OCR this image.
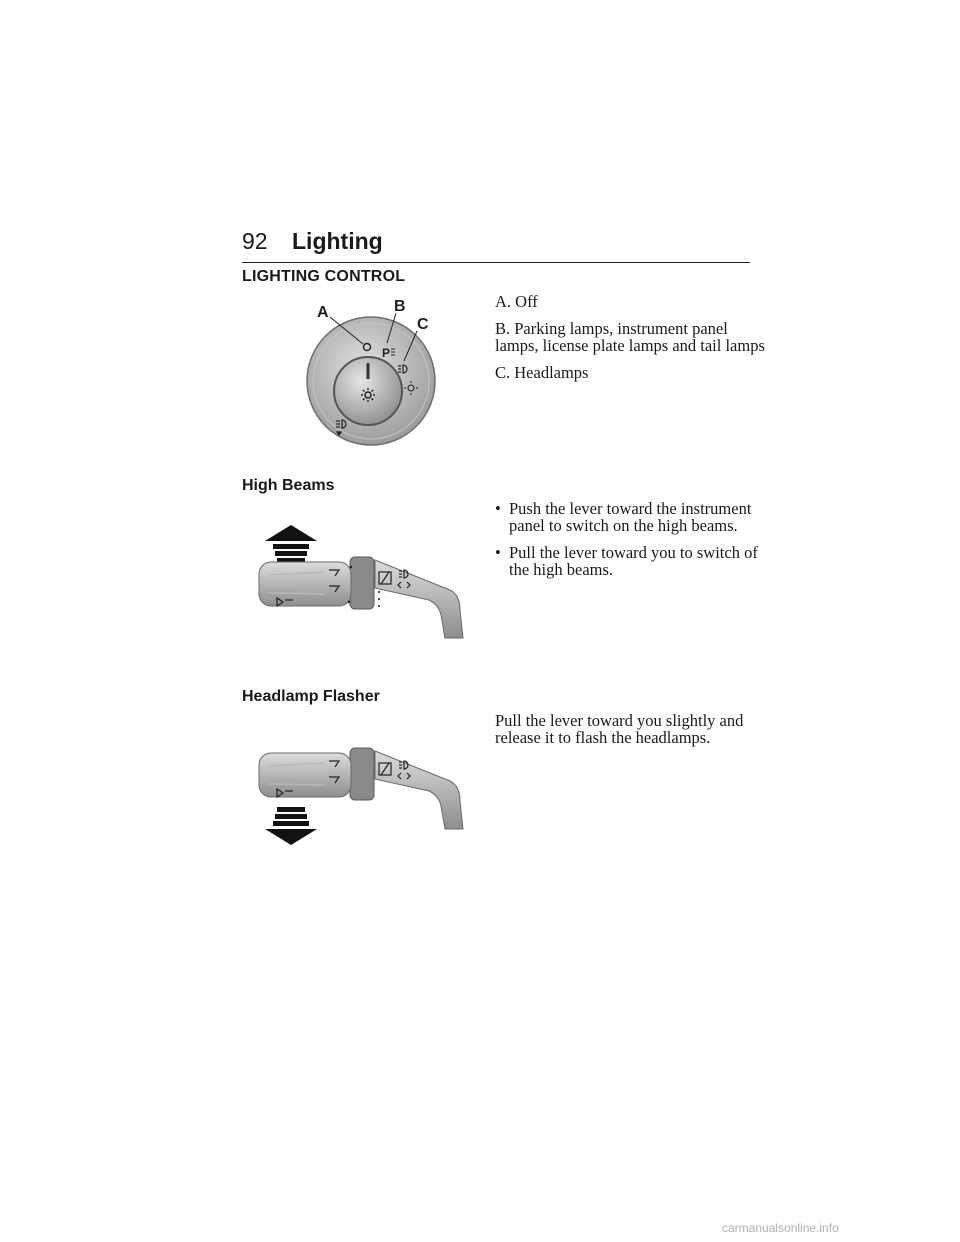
92 Lighting
LIGHTING CONTROL
P
A	B
C

A. Off

B. Parking lamps, instrument panel lamps, license plate lamps and tail lamps

C. Headlamps

High Beams
• Push the lever toward the instrument panel to switch on the high beams.
• Pull the lever toward you to switch of the high beams.
Headlamp Flasher

Pull the lever toward you slightly and release it to flash the headlamps.

carmanualsonline.info
